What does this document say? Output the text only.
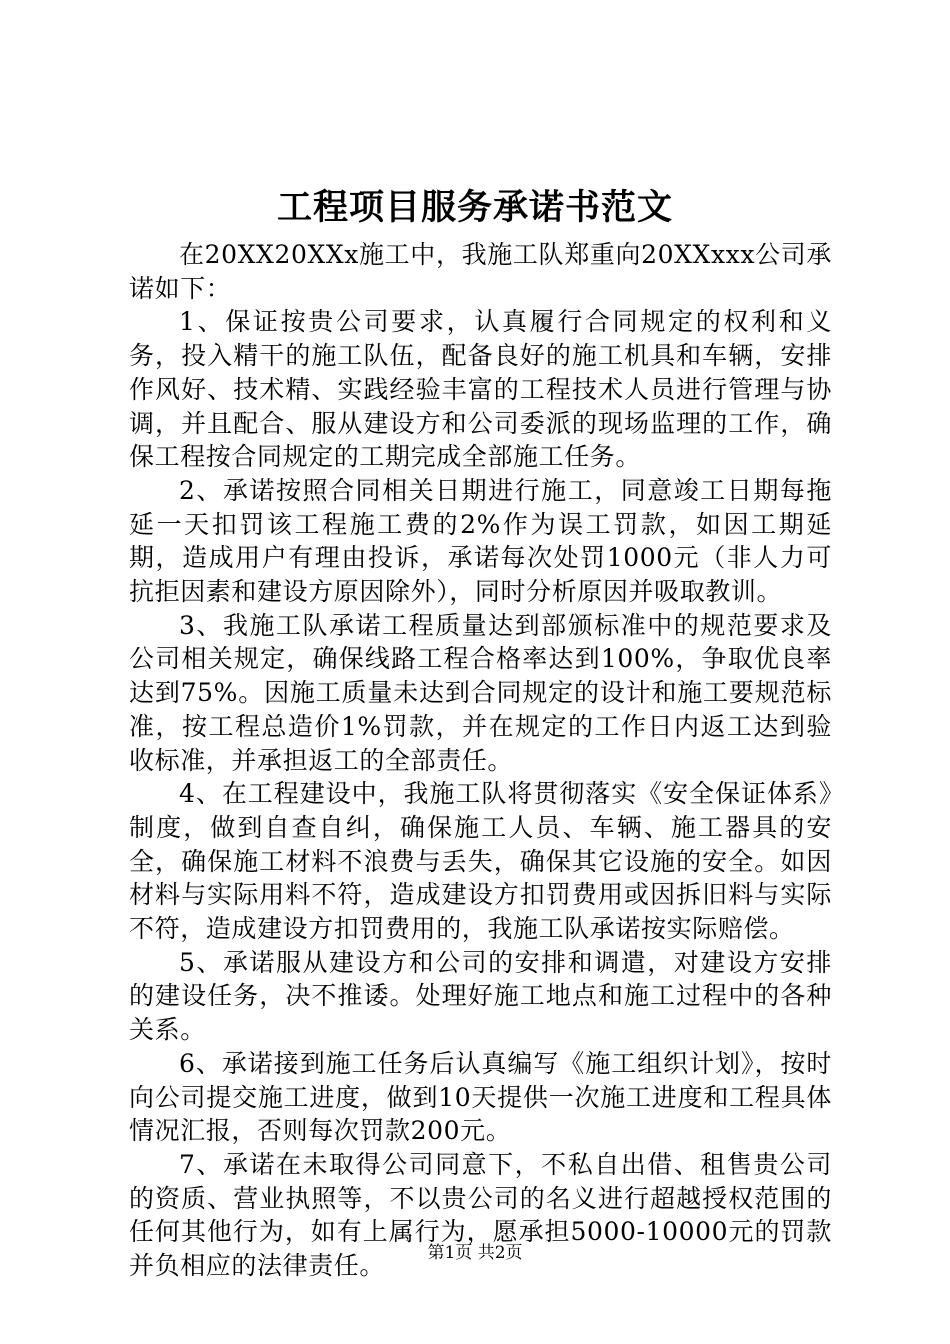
工程项目服务承诺书范文

在20XX20XXx施工中，我施工队郑重向20XXxxx公司承诺如下：

1、保证按贵公司要求，认真履行合同规定的权利和义务，投入精干的施工队伍，配备良好的施工机具和车辆，安排作风好、技术精、实践经验丰富的工程技术人员进行管理与协调，并且配合、服从建设方和公司委派的现场监理的工作，确保工程按合同规定的工期完成全部施工任务。

2、承诺按照合同相关日期进行施工，同意竣工日期每拖延一天扣罚该工程施工费的2%作为误工罚款，如因工期延期，造成用户有理由投诉，承诺每次处罚1000元（非人力可抗拒因素和建设方原因除外），同时分析原因并吸取教训。

3、我施工队承诺工程质量达到部颁标准中的规范要求及公司相关规定，确保线路工程合格率达到100%，争取优良率达到75%。因施工质量未达到合同规定的设计和施工要规范标准，按工程总造价1%罚款，并在规定的工作日内返工达到验收标准，并承担返工的全部责任。

4、在工程建设中，我施工队将贯彻落实《安全保证体系》制度，做到自查自纠，确保施工人员、车辆、施工器具的安全，确保施工材料不浪费与丢失，确保其它设施的安全。如因材料与实际用料不符，造成建设方扣罚费用或因拆旧料与实际不符，造成建设方扣罚费用的，我施工队承诺按实际赔偿。

5、承诺服从建设方和公司的安排和调遣，对建设方安排的建设任务，决不推诿。处理好施工地点和施工过程中的各种关系。

6、承诺接到施工任务后认真编写《施工组织计划》，按时向公司提交施工进度，做到10天提供一次施工进度和工程具体情况汇报，否则每次罚款200元。

7、承诺在未取得公司同意下，不私自出借、租售贵公司的资质、营业执照等，不以贵公司的名义进行超越授权范围的任何其他行为，如有上属行为，愿承担5000-10000元的罚款并负相应的法律责任。	第1页 共2页
